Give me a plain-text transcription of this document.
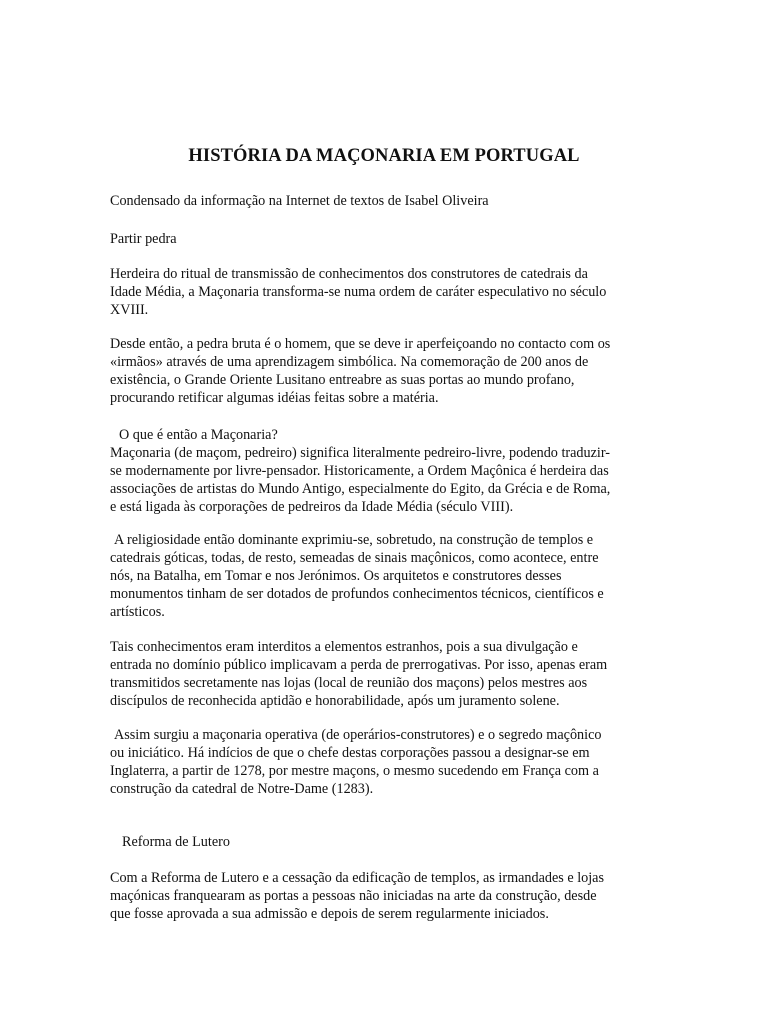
HISTÓRIA DA MAÇONARIA EM PORTUGAL

Condensado da informação na Internet de textos de Isabel Oliveira

Partir pedra

Herdeira do ritual de transmissão de conhecimentos dos construtores de catedrais da
Idade Média, a Maçonaria transforma-se numa ordem de caráter especulativo no século
XVIII.

Desde então, a pedra bruta é o homem, que se deve ir aperfeiçoando no contacto com os
«irmãos» através de uma aprendizagem simbólica. Na comemoração de 200 anos de
existência, o Grande Oriente Lusitano entreabre as suas portas ao mundo profano,
procurando retificar algumas idéias feitas sobre a matéria.

O que é então a Maçonaria?

Maçonaria (de maçom, pedreiro) significa literalmente pedreiro-livre, podendo traduzir-
se modernamente por livre-pensador. Historicamente, a Ordem Maçônica é herdeira das
associações de artistas do Mundo Antigo, especialmente do Egito, da Grécia e de Roma,
e está ligada às corporações de pedreiros da Idade Média (século VIII).

A religiosidade então dominante exprimiu-se, sobretudo, na construção de templos e
catedrais góticas, todas, de resto, semeadas de sinais maçônicos, como acontece, entre
nós, na Batalha, em Tomar e nos Jerónimos. Os arquitetos e construtores desses
monumentos tinham de ser dotados de profundos conhecimentos técnicos, científicos e
artísticos.

Tais conhecimentos eram interditos a elementos estranhos, pois a sua divulgação e
entrada no domínio público implicavam a perda de prerrogativas. Por isso, apenas eram
transmitidos secretamente nas lojas (local de reunião dos maçons) pelos mestres aos
discípulos de reconhecida aptidão e honorabilidade, após um juramento solene.

Assim surgiu a maçonaria operativa (de operários-construtores) e o segredo maçônico
ou iniciático. Há indícios de que o chefe destas corporações passou a designar-se em
Inglaterra, a partir de 1278, por mestre maçons, o mesmo sucedendo em França com a
construção da catedral de Notre-Dame (1283).

Reforma de Lutero

Com a Reforma de Lutero e a cessação da edificação de templos, as irmandades e lojas
maçónicas franquearam as portas a pessoas não iniciadas na arte da construção, desde
que fosse aprovada a sua admissão e depois de serem regularmente iniciados.
